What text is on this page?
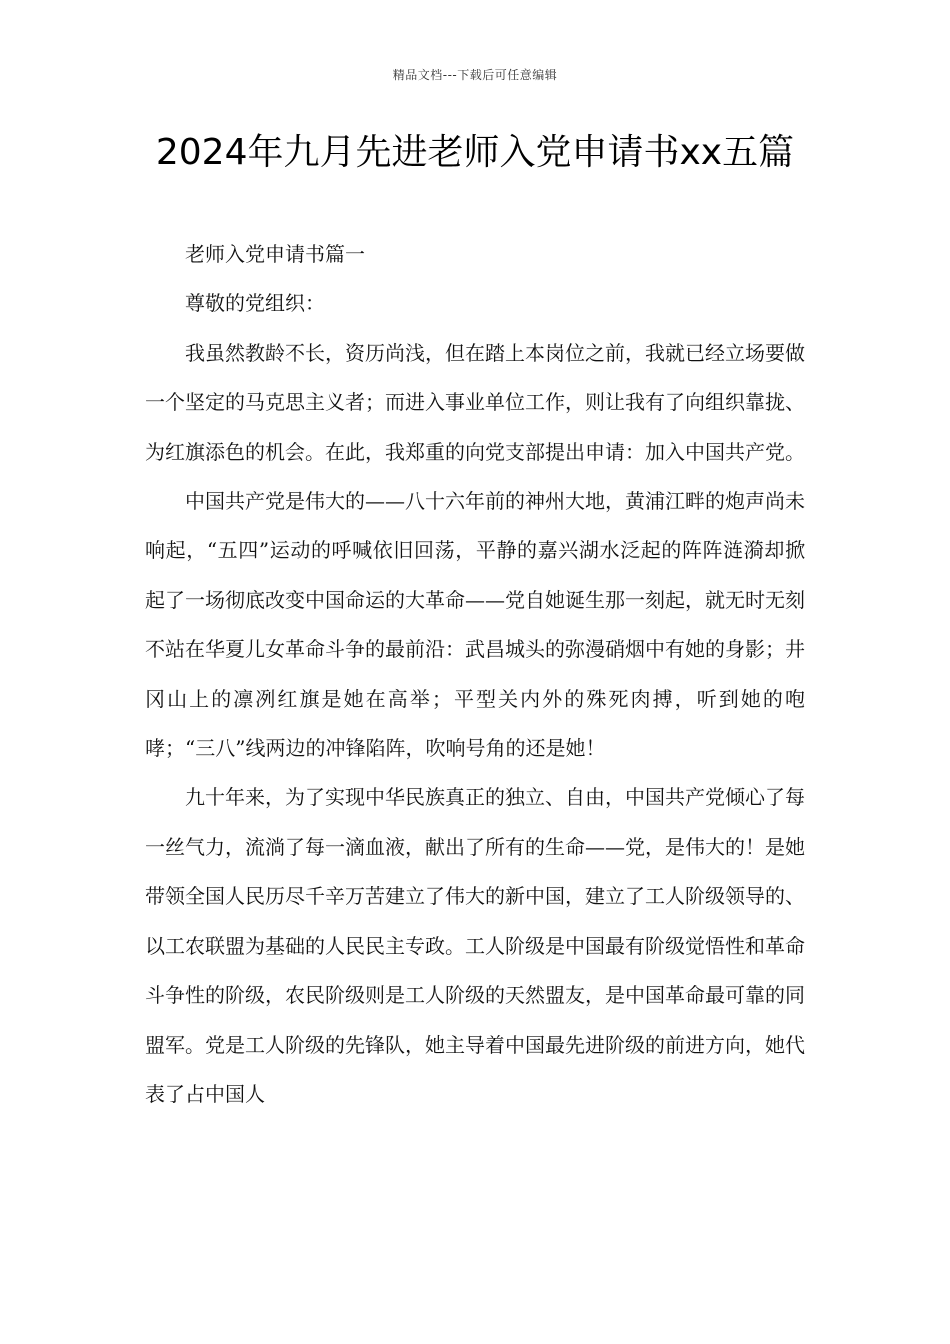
精品文档---下载后可任意编辑
2024年九月先进老师入党申请书xx五篇

老师入党申请书篇一

尊敬的党组织：

我虽然教龄不长，资历尚浅，但在踏上本岗位之前，我就已经立场要做一个坚定的马克思主义者；而进入事业单位工作，则让我有了向组织靠拢、为红旗添色的机会。在此，我郑重的向党支部提出申请：加入中国共产党。

中国共产党是伟大的——八十六年前的神州大地，黄浦江畔的炮声尚未响起，“五四”运动的呼喊依旧回荡，平静的嘉兴湖水泛起的阵阵涟漪却掀起了一场彻底改变中国命运的大革命——党自她诞生那一刻起，就无时无刻不站在华夏儿女革命斗争的最前沿：武昌城头的弥漫硝烟中有她的身影；井冈山上的凛冽红旗是她在高举；平型关内外的殊死肉搏，听到她的咆哮；“三八”线两边的冲锋陷阵，吹响号角的还是她！

九十年来，为了实现中华民族真正的独立、自由，中国共产党倾心了每一丝气力，流淌了每一滴血液，献出了所有的生命——党，是伟大的！是她带领全国人民历尽千辛万苦建立了伟大的新中国，建立了工人阶级领导的、以工农联盟为基础的人民民主专政。工人阶级是中国最有阶级觉悟性和革命斗争性的阶级，农民阶级则是工人阶级的天然盟友，是中国革命最可靠的同盟军。党是工人阶级的先锋队，她主导着中国最先进阶级的前进方向，她代表了占中国人
